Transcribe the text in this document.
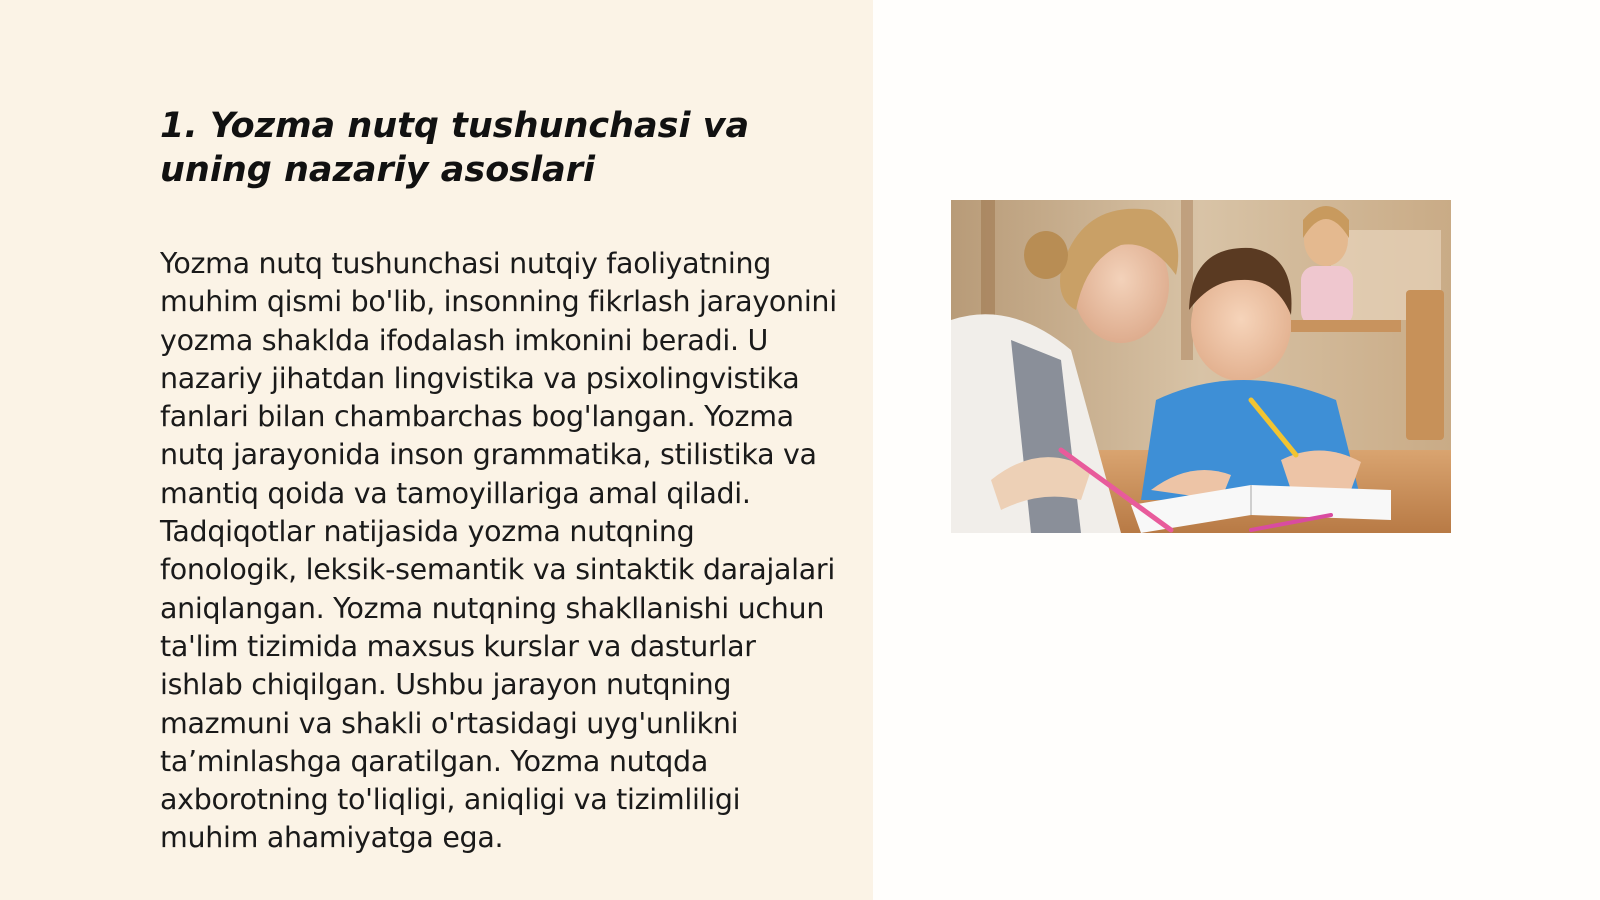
1. Yozma nutq tushunchasi va uning nazariy asoslari

Yozma nutq tushunchasi nutqiy faoliyatning muhim qismi bo'lib, insonning fikrlash jarayonini yozma shaklda ifodalash imkonini beradi. U nazariy jihatdan lingvistika va psixolingvistika fanlari bilan chambarchas bog'langan. Yozma nutq jarayonida inson grammatika, stilistika va mantiq qoida va tamoyillariga amal qiladi. Tadqiqotlar natijasida yozma nutqning fonologik, leksik-semantik va sintaktik darajalari aniqlangan. Yozma nutqning shakllanishi uchun ta'lim tizimida maxsus kurslar va dasturlar ishlab chiqilgan. Ushbu jarayon nutqning mazmuni va shakli o'rtasidagi uyg'unlikni ta’minlashga qaratilgan. Yozma nutqda axborotning to'liqligi, aniqligi va tizimliligi muhim ahamiyatga ega.
